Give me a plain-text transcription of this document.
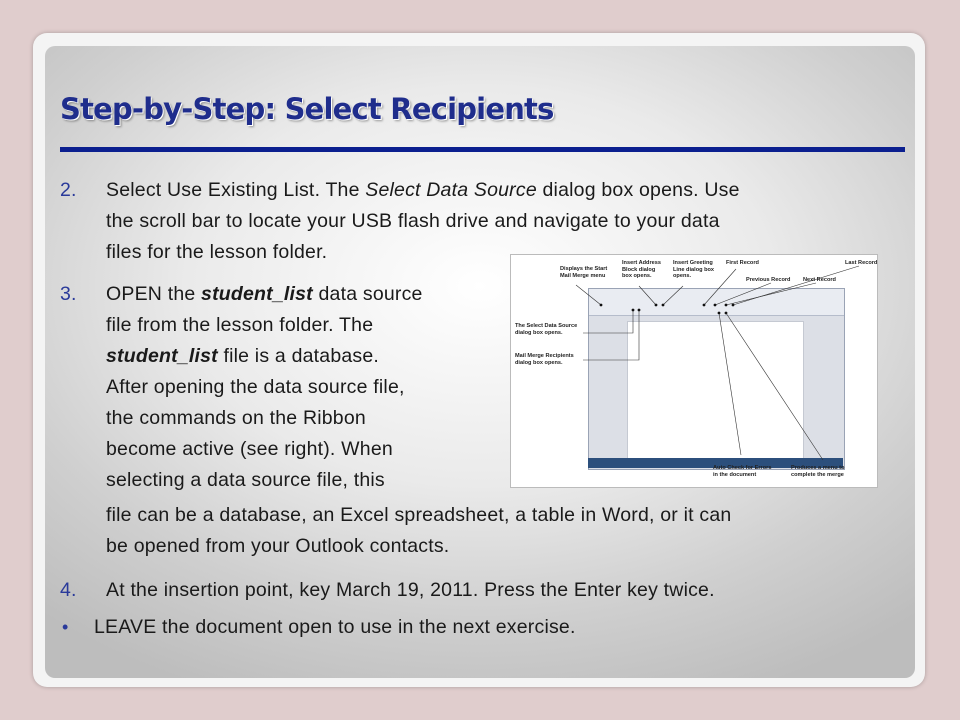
Step-by-Step: Select Recipients
2. Select Use Existing List. The Select Data Source dialog box opens. Use
the scroll bar to locate your USB flash drive and navigate to your data
files for the lesson folder.
3. OPEN the student_list data source
file from the lesson folder. The
student_list file is a database.
After opening the data source file,
the commands on the Ribbon
become active (see right). When
selecting a data source file, this
file can be a database, an Excel spreadsheet, a table in Word, or it can
be opened from your Outlook contacts.
4. At the insertion point, key March 19, 2011. Press the Enter key twice.
• LEAVE the document open to use in the next exercise.
Displays the Start
Mail Merge menu
Insert Address
Block dialog
box opens.
Insert Greeting
Line dialog box
opens.
First Record	Last Record
Previous Record Next Record
The Select Data Source
dialog box opens.
Mail Merge Recipients
dialog box opens.
Auto Check for Errors
in the document
Produces a menu to
complete the merge
